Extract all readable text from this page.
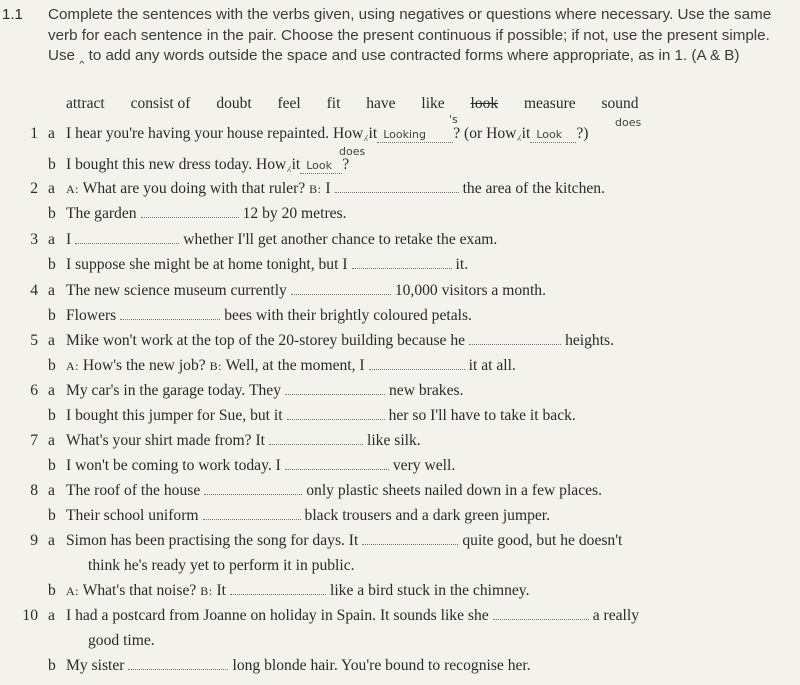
1.1 Complete the sentences with the verbs given, using negatives or questions where necessary. Use the same verb for each sentence in the pair. Choose the present continuous if possible; if not, use the present simple. Use ‸ to add any words outside the space and use contracted forms where appropriate, as in 1. (A & B)

attract consist of doubt feel fit have like look measure sound
's	does
does
1 a I hear you're having your house repainted. How⁁it Looking ? (or How⁁it Look ?)
b I bought this new dress today. How⁁it Look ?
2 a A: What are you doing with that ruler? B: I	the area of the kitchen.
b The garden	12 by 20 metres.
3 a I	whether I'll get another chance to retake the exam.
b I suppose she might be at home tonight, but I	it.
4 a The new science museum currently	10,000 visitors a month.
b Flowers	bees with their brightly coloured petals.
5 a Mike won't work at the top of the 20-storey building because he	heights.
b A: How's the new job? B: Well, at the moment, I	it at all.
6 a My car's in the garage today. They	new brakes.
b I bought this jumper for Sue, but it	her so I'll have to take it back.
7 a What's your shirt made from? It	like silk.
b I won't be coming to work today. I	very well.
8 a The roof of the house	only plastic sheets nailed down in a few places.
b Their school uniform	black trousers and a dark green jumper.
9 a Simon has been practising the song for days. It	quite good, but he doesn't
think he's ready yet to perform it in public.
b A: What's that noise? B: It	like a bird stuck in the chimney.
10 a I had a postcard from Joanne on holiday in Spain. It sounds like she	a really
good time.
b My sister	long blonde hair. You're bound to recognise her.
